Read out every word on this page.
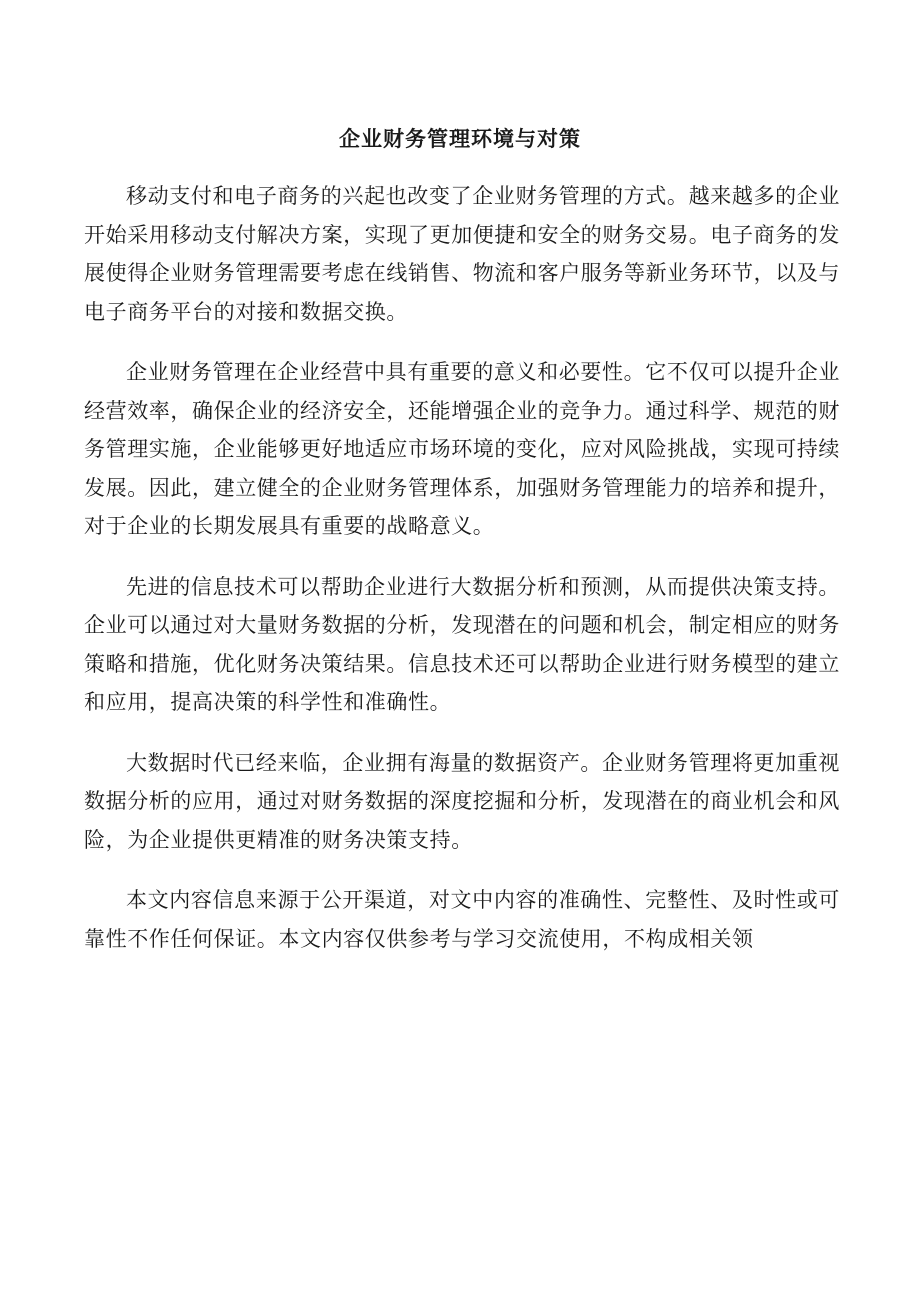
企业财务管理环境与对策

移动支付和电子商务的兴起也改变了企业财务管理的方式。越来越多的企业开始采用移动支付解决方案，实现了更加便捷和安全的财务交易。电子商务的发展使得企业财务管理需要考虑在线销售、物流和客户服务等新业务环节，以及与电子商务平台的对接和数据交换。

企业财务管理在企业经营中具有重要的意义和必要性。它不仅可以提升企业经营效率，确保企业的经济安全，还能增强企业的竞争力。通过科学、规范的财务管理实施，企业能够更好地适应市场环境的变化，应对风险挑战，实现可持续发展。因此，建立健全的企业财务管理体系，加强财务管理能力的培养和提升，对于企业的长期发展具有重要的战略意义。

先进的信息技术可以帮助企业进行大数据分析和预测，从而提供决策支持。企业可以通过对大量财务数据的分析，发现潜在的问题和机会，制定相应的财务策略和措施，优化财务决策结果。信息技术还可以帮助企业进行财务模型的建立和应用，提高决策的科学性和准确性。

大数据时代已经来临，企业拥有海量的数据资产。企业财务管理将更加重视数据分析的应用，通过对财务数据的深度挖掘和分析，发现潜在的商业机会和风险，为企业提供更精准的财务决策支持。

本文内容信息来源于公开渠道，对文中内容的准确性、完整性、及时性或可靠性不作任何保证。本文内容仅供参考与学习交流使用，不构成相关领
